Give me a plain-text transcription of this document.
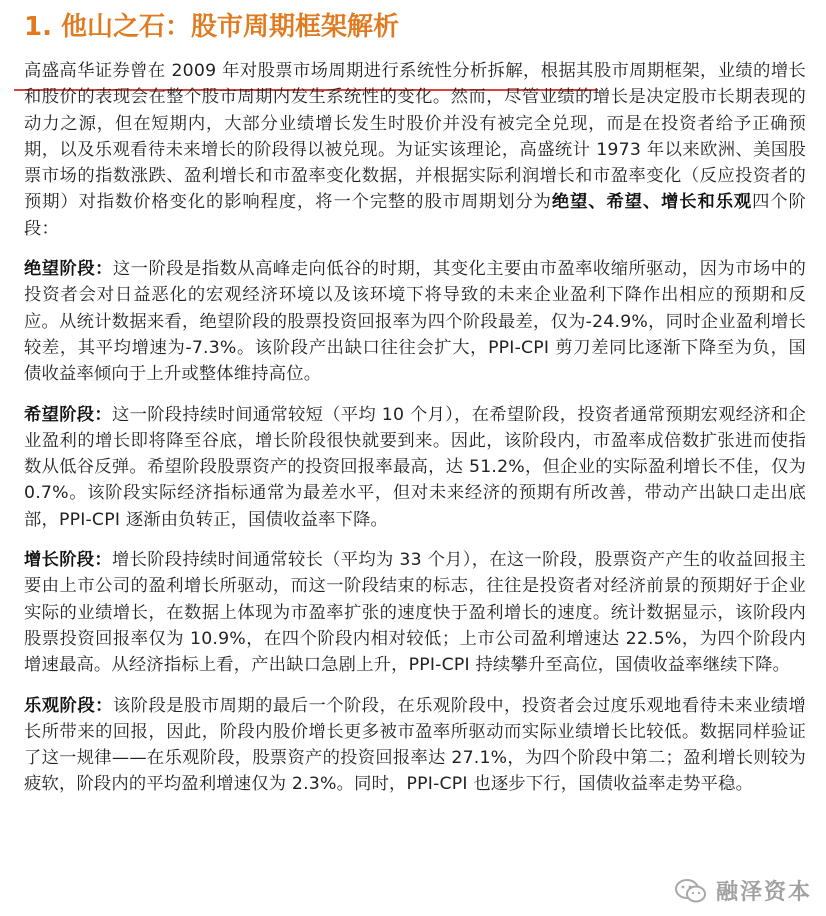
1. 他山之石：股市周期框架解析

高盛高华证券曾在 2009 年对股票市场周期进行系统性分析拆解，根据其股市周期框架，业绩的增长和股价的表现会在整个股市周期内发生系统性的变化。然而，尽管业绩的增长是决定股市长期表现的动力之源，但在短期内，大部分业绩增长发生时股价并没有被完全兑现，而是在投资者给予正确预期，以及乐观看待未来增长的阶段得以被兑现。为证实该理论，高盛统计 1973 年以来欧洲、美国股票市场的指数涨跌、盈利增长和市盈率变化数据，并根据实际利润增长和市盈率变化（反应投资者的预期）对指数价格变化的影响程度，将一个完整的股市周期划分为绝望、希望、增长和乐观四个阶段：

绝望阶段：这一阶段是指数从高峰走向低谷的时期，其变化主要由市盈率收缩所驱动，因为市场中的投资者会对日益恶化的宏观经济环境以及该环境下将导致的未来企业盈利下降作出相应的预期和反应。从统计数据来看，绝望阶段的股票投资回报率为四个阶段最差，仅为-24.9%，同时企业盈利增长较差，其平均增速为-7.3%。该阶段产出缺口往往会扩大，PPI-CPI 剪刀差同比逐渐下降至为负，国债收益率倾向于上升或整体维持高位。

希望阶段：这一阶段持续时间通常较短（平均 10 个月），在希望阶段，投资者通常预期宏观经济和企业盈利的增长即将降至谷底，增长阶段很快就要到来。因此，该阶段内，市盈率成倍数扩张进而使指数从低谷反弹。希望阶段股票资产的投资回报率最高，达 51.2%，但企业的实际盈利增长不佳，仅为 0.7%。该阶段实际经济指标通常为最差水平，但对未来经济的预期有所改善，带动产出缺口走出底部，PPI-CPI 逐渐由负转正，国债收益率下降。

增长阶段：增长阶段持续时间通常较长（平均为 33 个月），在这一阶段，股票资产产生的收益回报主要由上市公司的盈利增长所驱动，而这一阶段结束的标志，往往是投资者对经济前景的预期好于企业实际的业绩增长，在数据上体现为市盈率扩张的速度快于盈利增长的速度。统计数据显示，该阶段内股票投资回报率仅为 10.9%，在四个阶段内相对较低；上市公司盈利增速达 22.5%，为四个阶段内增速最高。从经济指标上看，产出缺口急剧上升，PPI-CPI 持续攀升至高位，国债收益率继续下降。

乐观阶段：该阶段是股市周期的最后一个阶段，在乐观阶段中，投资者会过度乐观地看待未来业绩增长所带来的回报，因此，阶段内股价增长更多被市盈率所驱动而实际业绩增长比较低。数据同样验证了这一规律——在乐观阶段，股票资产的投资回报率达 27.1%，为四个阶段中第二；盈利增长则较为疲软，阶段内的平均盈利增速仅为 2.3%。同时，PPI-CPI 也逐步下行，国债收益率走势平稳。

融泽资本
